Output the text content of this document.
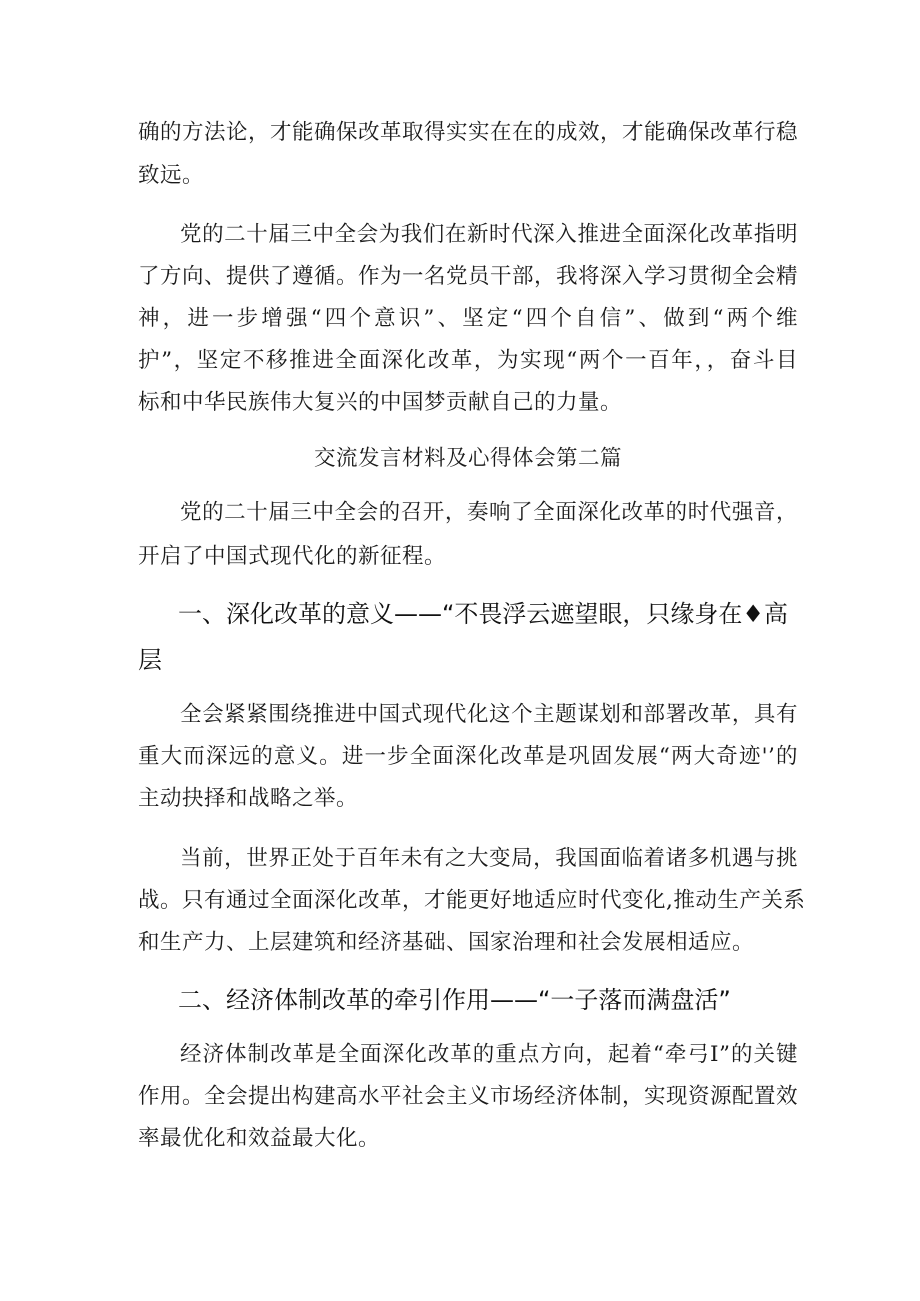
确的方法论，才能确保改革取得实实在在的成效，才能确保改革行稳
致远。
党的二十届三中全会为我们在新时代深入推进全面深化改革指明
了方向、提供了遵循。作为一名党员干部，我将深入学习贯彻全会精
神，进一步增强“四个意识”、坚定“四个自信”、做到“两个维
护”，坚定不移推进全面深化改革，为实现“两个一百年，，奋斗目
标和中华民族伟大复兴的中国梦贡献自己的力量。
交流发言材料及心得体会第二篇
党的二十届三中全会的召开，奏响了全面深化改革的时代强音，
开启了中国式现代化的新征程。
一、深化改革的意义——“不畏浮云遮望眼，只缘身在♦高
层
全会紧紧围绕推进中国式现代化这个主题谋划和部署改革，具有
重大而深远的意义。进一步全面深化改革是巩固发展“两大奇迹'’的
主动抉择和战略之举。
当前，世界正处于百年未有之大变局，我国面临着诸多机遇与挑
战。只有通过全面深化改革，才能更好地适应时代变化,推动生产关系
和生产力、上层建筑和经济基础、国家治理和社会发展相适应。
二、经济体制改革的牵引作用——“一子落而满盘活”
经济体制改革是全面深化改革的重点方向，起着“牵弓I”的关键
作用。全会提出构建高水平社会主义市场经济体制，实现资源配置效
率最优化和效益最大化。
